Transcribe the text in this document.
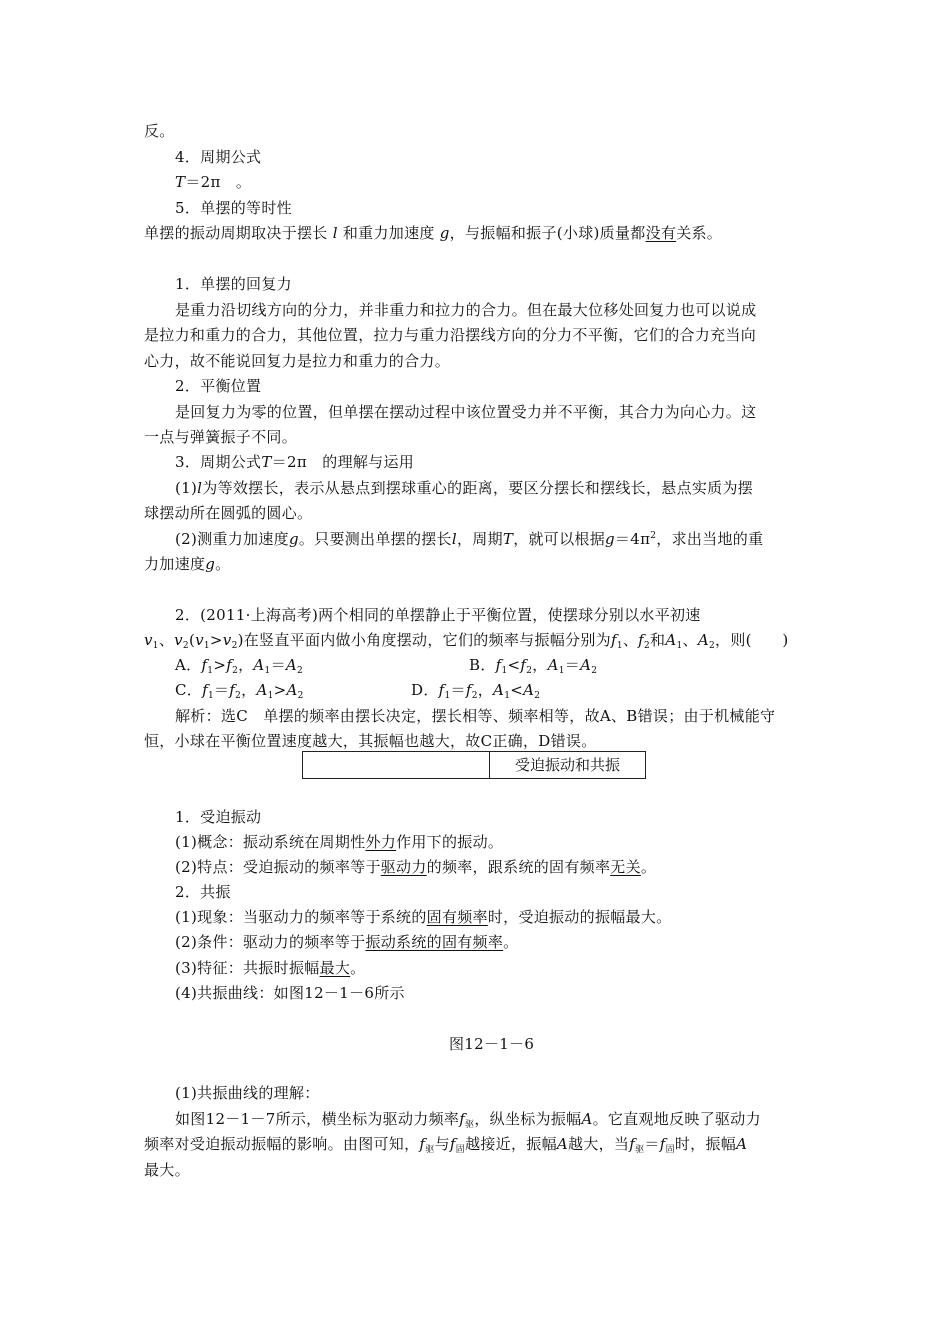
反。
4．周期公式
T＝2π　。
5．单摆的等时性
单摆的振动周期取决于摆长 l 和重力加速度 g，与振幅和振子(小球)质量都没有关系。
1．单摆的回复力
是重力沿切线方向的分力，并非重力和拉力的合力。但在最大位移处回复力也可以说成
是拉力和重力的合力，其他位置，拉力与重力沿摆线方向的分力不平衡，它们的合力充当向
心力，故不能说回复力是拉力和重力的合力。
2．平衡位置
是回复力为零的位置，但单摆在摆动过程中该位置受力并不平衡，其合力为向心力。这
一点与弹簧振子不同。
3．周期公式T＝2π　的理解与运用
(1)l为等效摆长，表示从悬点到摆球重心的距离，要区分摆长和摆线长，悬点实质为摆
球摆动所在圆弧的圆心。
(2)测重力加速度g。只要测出单摆的摆长l，周期T，就可以根据$g=4\pi^2$，求出当地的重
力加速度g。
2．(2011·上海高考)两个相同的单摆静止于平衡位置，使摆球分别以水平初速
$v_1$、$v_2(v_1>v_2)$在竖直平面内做小角度摆动，它们的频率与振幅分别为$f_1$、$f_2$和$A_1$、$A_2$，则(　　)
A．$f_1>f_2$，$A_1=A_2$	B．$f_1<f_2$，$A_1=A_2$
C．$f_1=f_2$，$A_1>A_2$	D．$f_1=f_2$，$A_1<A_2$
解析：选C　单摆的频率由摆长决定，摆长相等、频率相等，故A、B错误；由于机械能守
恒，小球在平衡位置速度越大，其振幅也越大，故C正确，D错误。
受迫振动和共振
1．受迫振动
(1)概念：振动系统在周期性外力作用下的振动。
(2)特点：受迫振动的频率等于驱动力的频率，跟系统的固有频率无关。
2．共振
(1)现象：当驱动力的频率等于系统的固有频率时，受迫振动的振幅最大。
(2)条件：驱动力的频率等于振动系统的固有频率。
(3)特征：共振时振幅最大。
(4)共振曲线：如图12－1－6所示
图12－1－6
(1)共振曲线的理解：
如图12－1－7所示，横坐标为驱动力频率$f_驱$，纵坐标为振幅A。它直观地反映了驱动力
频率对受迫振动振幅的影响。由图可知，$f_驱$与$f_固$越接近，振幅A越大，当$f_驱=f_固$时，振幅A
最大。
